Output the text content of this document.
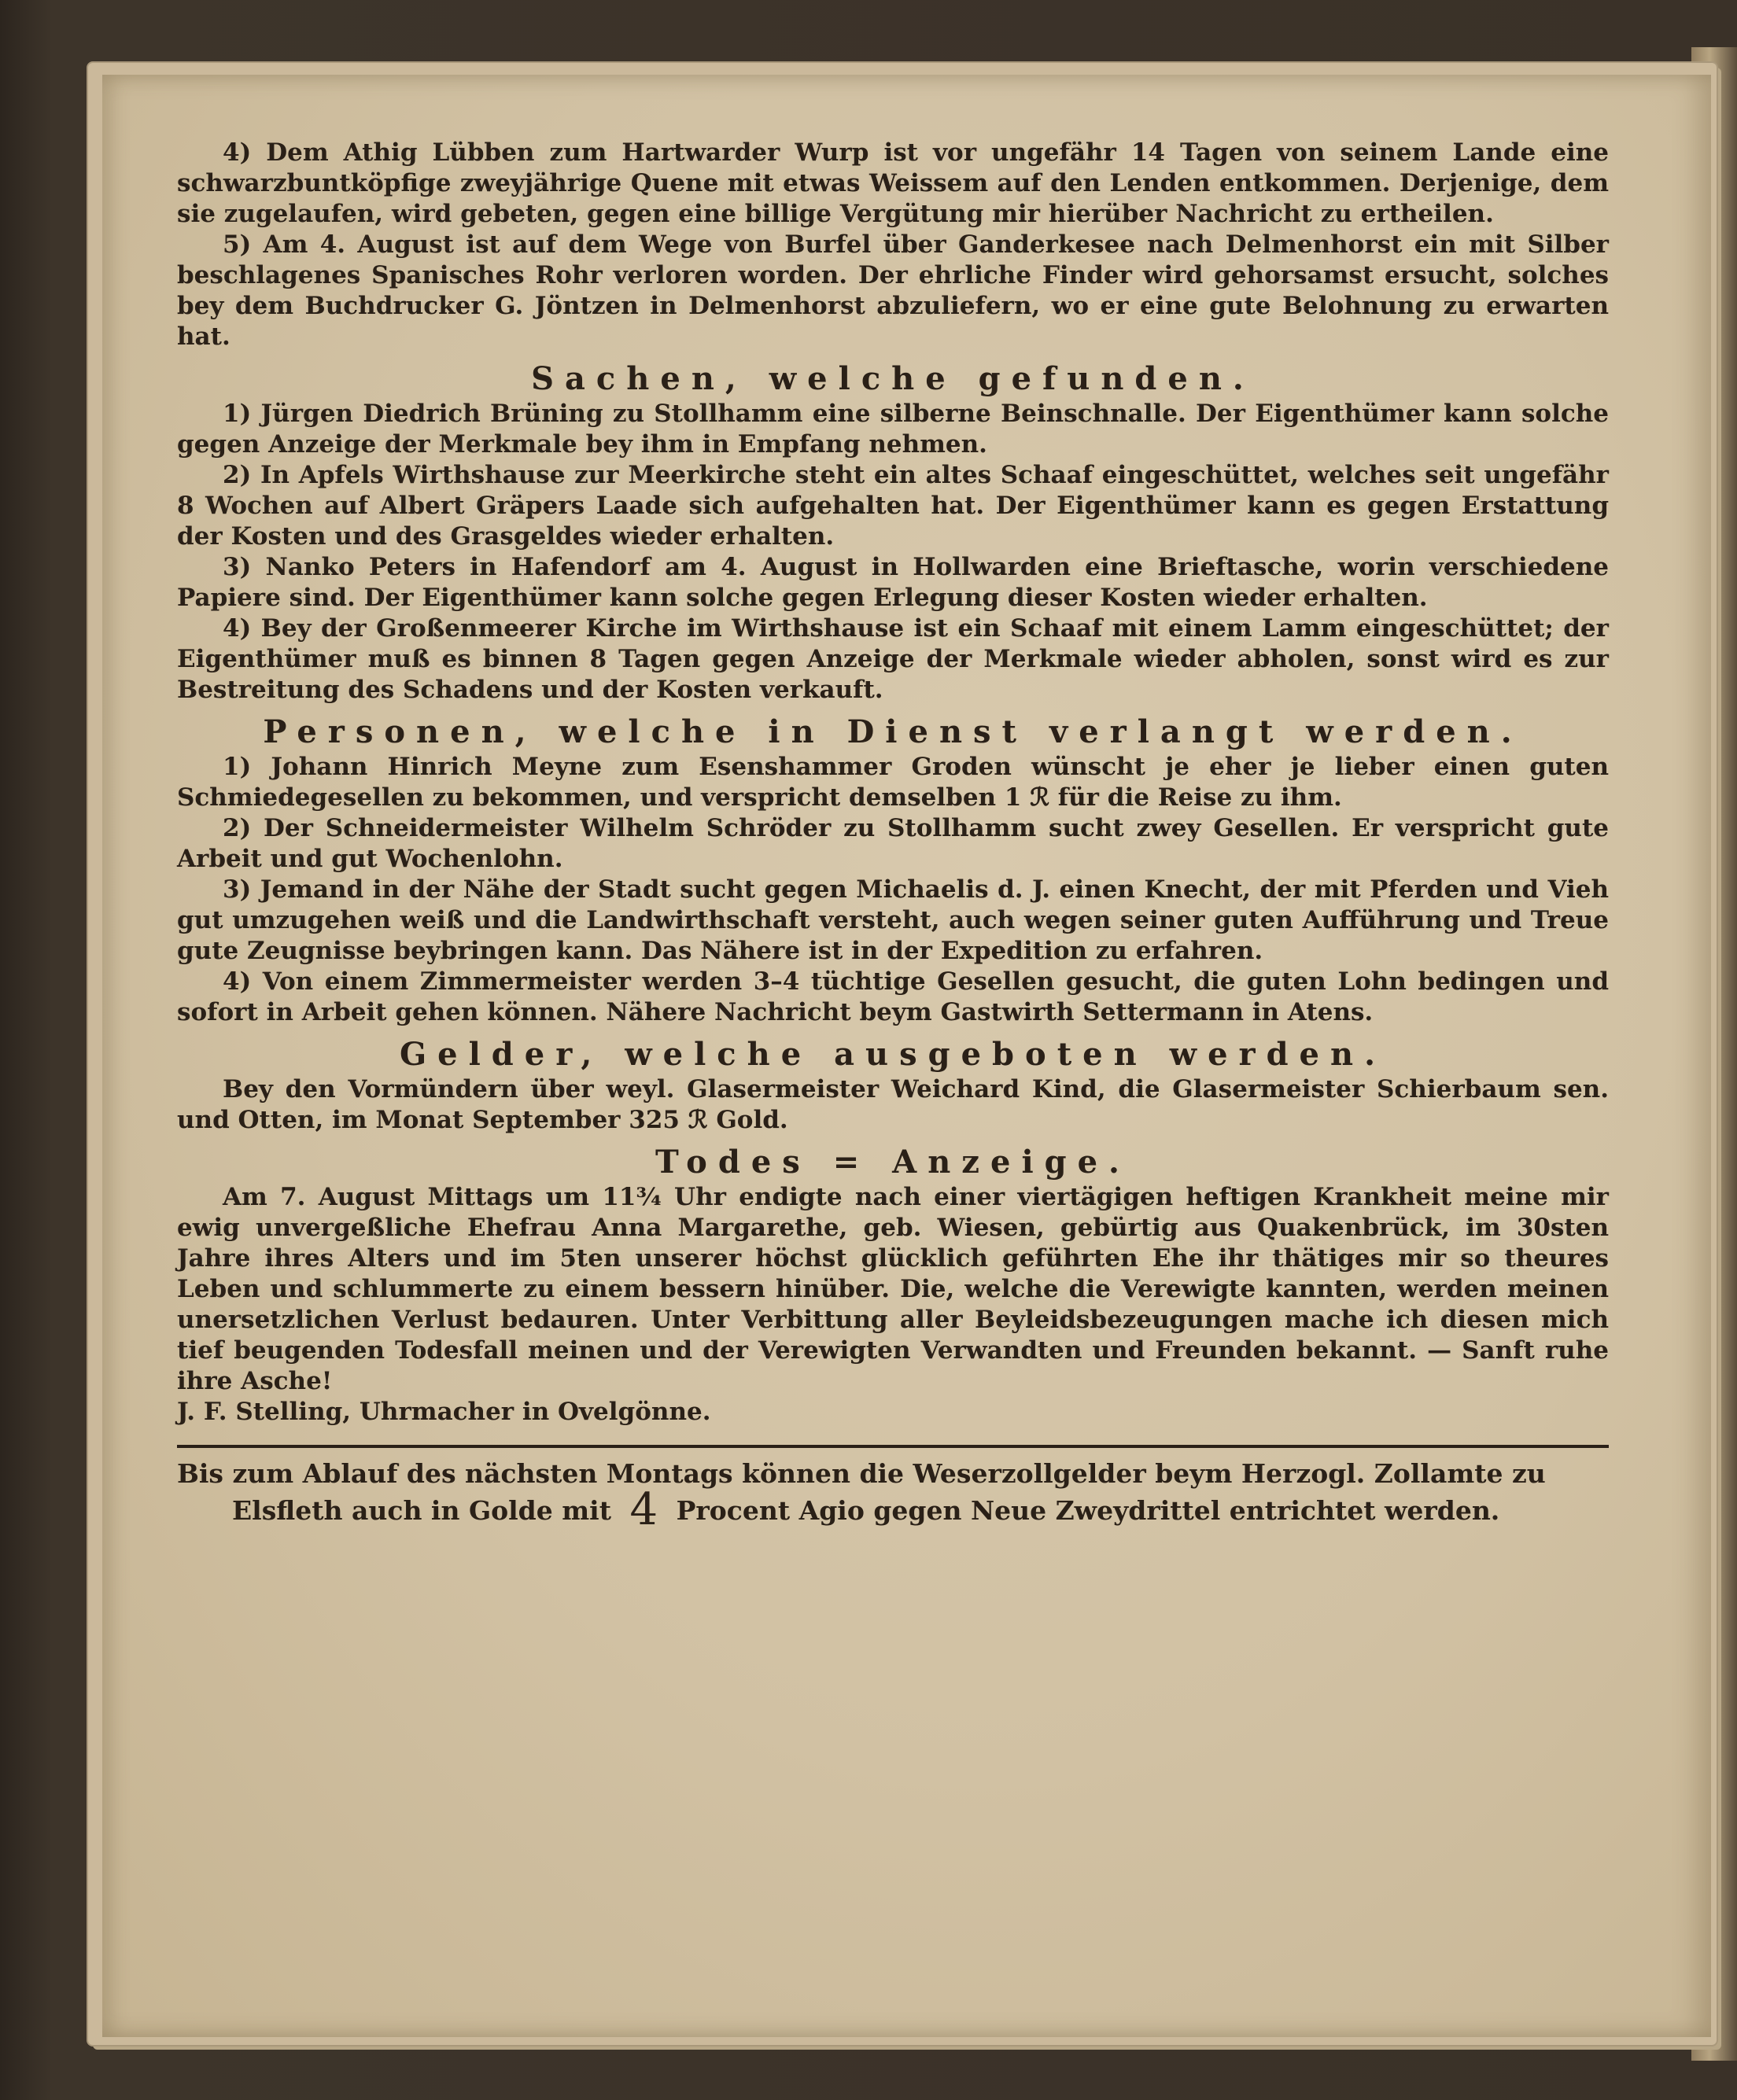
4) Dem Athig Lübben zum Hartwarder Wurp ist vor ungefähr 14 Tagen von seinem Lande eine schwarzbuntköpfige zweyjährige Quene mit etwas Weissem auf den Lenden entkommen. Derjenige, dem sie zugelaufen, wird gebeten, gegen eine billige Vergütung mir hierüber Nachricht zu ertheilen.

5) Am 4. August ist auf dem Wege von Burfel über Ganderkesee nach Delmenhorst ein mit Silber beschlagenes Spanisches Rohr verloren worden. Der ehrliche Finder wird gehorsamst ersucht, solches bey dem Buchdrucker G. Jöntzen in Delmenhorst abzuliefern, wo er eine gute Belohnung zu erwarten hat.

Sachen, welche gefunden.

1) Jürgen Diedrich Brüning zu Stollhamm eine silberne Beinschnalle. Der Eigenthümer kann solche gegen Anzeige der Merkmale bey ihm in Empfang nehmen.

2) In Apfels Wirthshause zur Meerkirche steht ein altes Schaaf eingeschüttet, welches seit ungefähr 8 Wochen auf Albert Gräpers Laade sich aufgehalten hat. Der Eigenthümer kann es gegen Erstattung der Kosten und des Grasgeldes wieder erhalten.

3) Nanko Peters in Hafendorf am 4. August in Hollwarden eine Brieftasche, worin verschiedene Papiere sind. Der Eigenthümer kann solche gegen Erlegung dieser Kosten wieder erhalten.

4) Bey der Großenmeerer Kirche im Wirthshause ist ein Schaaf mit einem Lamm eingeschüttet; der Eigenthümer muß es binnen 8 Tagen gegen Anzeige der Merkmale wieder abholen, sonst wird es zur Bestreitung des Schadens und der Kosten verkauft.

Personen, welche in Dienst verlangt werden.

1) Johann Hinrich Meyne zum Esenshammer Groden wünscht je eher je lieber einen guten Schmiedegesellen zu bekommen, und verspricht demselben 1 ℛ für die Reise zu ihm.

2) Der Schneidermeister Wilhelm Schröder zu Stollhamm sucht zwey Gesellen. Er verspricht gute Arbeit und gut Wochenlohn.

3) Jemand in der Nähe der Stadt sucht gegen Michaelis d. J. einen Knecht, der mit Pferden und Vieh gut umzugehen weiß und die Landwirthschaft versteht, auch wegen seiner guten Aufführung und Treue gute Zeugnisse beybringen kann. Das Nähere ist in der Expedition zu erfahren.

4) Von einem Zimmermeister werden 3–4 tüchtige Gesellen gesucht, die guten Lohn bedingen und sofort in Arbeit gehen können. Nähere Nachricht beym Gastwirth Settermann in Atens.

Gelder, welche ausgeboten werden.

Bey den Vormündern über weyl. Glasermeister Weichard Kind, die Glasermeister Schierbaum sen. und Otten, im Monat September 325 ℛ Gold.

Todes = Anzeige.

Am 7. August Mittags um 11¾ Uhr endigte nach einer viertägigen heftigen Krankheit meine mir ewig unvergeßliche Ehefrau Anna Margarethe, geb. Wiesen, gebürtig aus Quakenbrück, im 30sten Jahre ihres Alters und im 5ten unserer höchst glücklich geführten Ehe ihr thätiges mir so theures Leben und schlummerte zu einem bessern hinüber. Die, welche die Verewigte kannten, werden meinen unersetzlichen Verlust bedauren. Unter Verbittung aller Beyleidsbezeugungen mache ich diesen mich tief beugenden Todesfall meinen und der Verewigten Verwandten und Freunden bekannt. — Sanft ruhe ihre Asche!

J. F. Stelling, Uhrmacher in Ovelgönne.

Bis zum Ablauf des nächsten Montags können die Weserzollgelder beym Herzogl. Zollamte zu
Elsfleth auch in Golde mit 4 Procent Agio gegen Neue Zweydrittel entrichtet werden.
